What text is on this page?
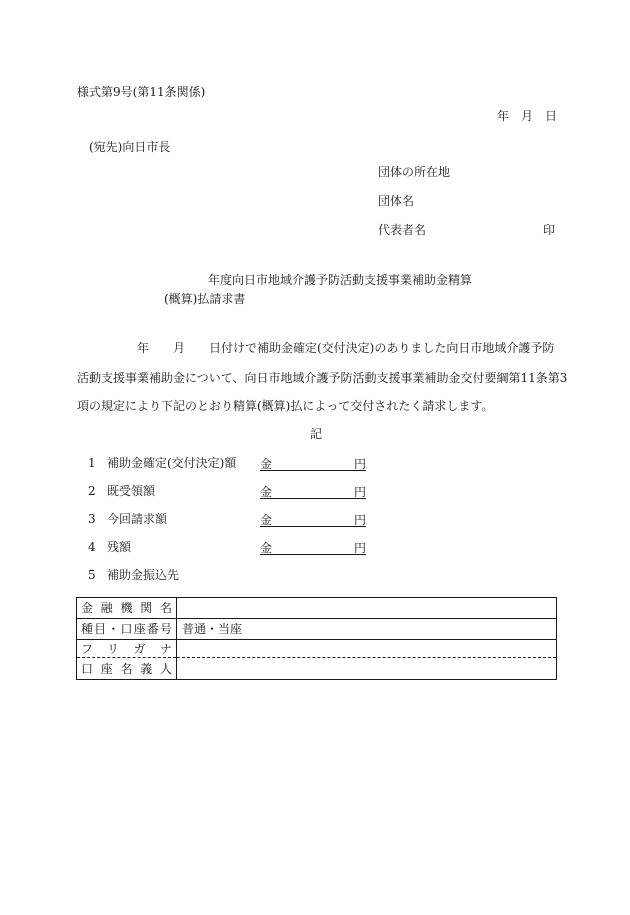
様式第9号(第11条関係)
年　月　日
(宛先)向日市長
団体の所在地
団体名
代表者名	印
年度向日市地域介護予防活動支援事業補助金精算
(概算)払請求書
年　　月　　日付けで補助金確定(交付決定)のありました向日市地域介護予防
活動支援事業補助金について、向日市地域介護予防活動支援事業補助金交付要綱第11条第3
項の規定により下記のとおり精算(概算)払によって交付されたく請求します。
記
1 補助金確定(交付決定)額 金	円
2 既受領額	金	円
3 今回請求額	金	円
4 残額	金	円
5 補助金振込先
金融機関名	
種目・口座番号	普通・当座
フリガナ	
口座名義人	
